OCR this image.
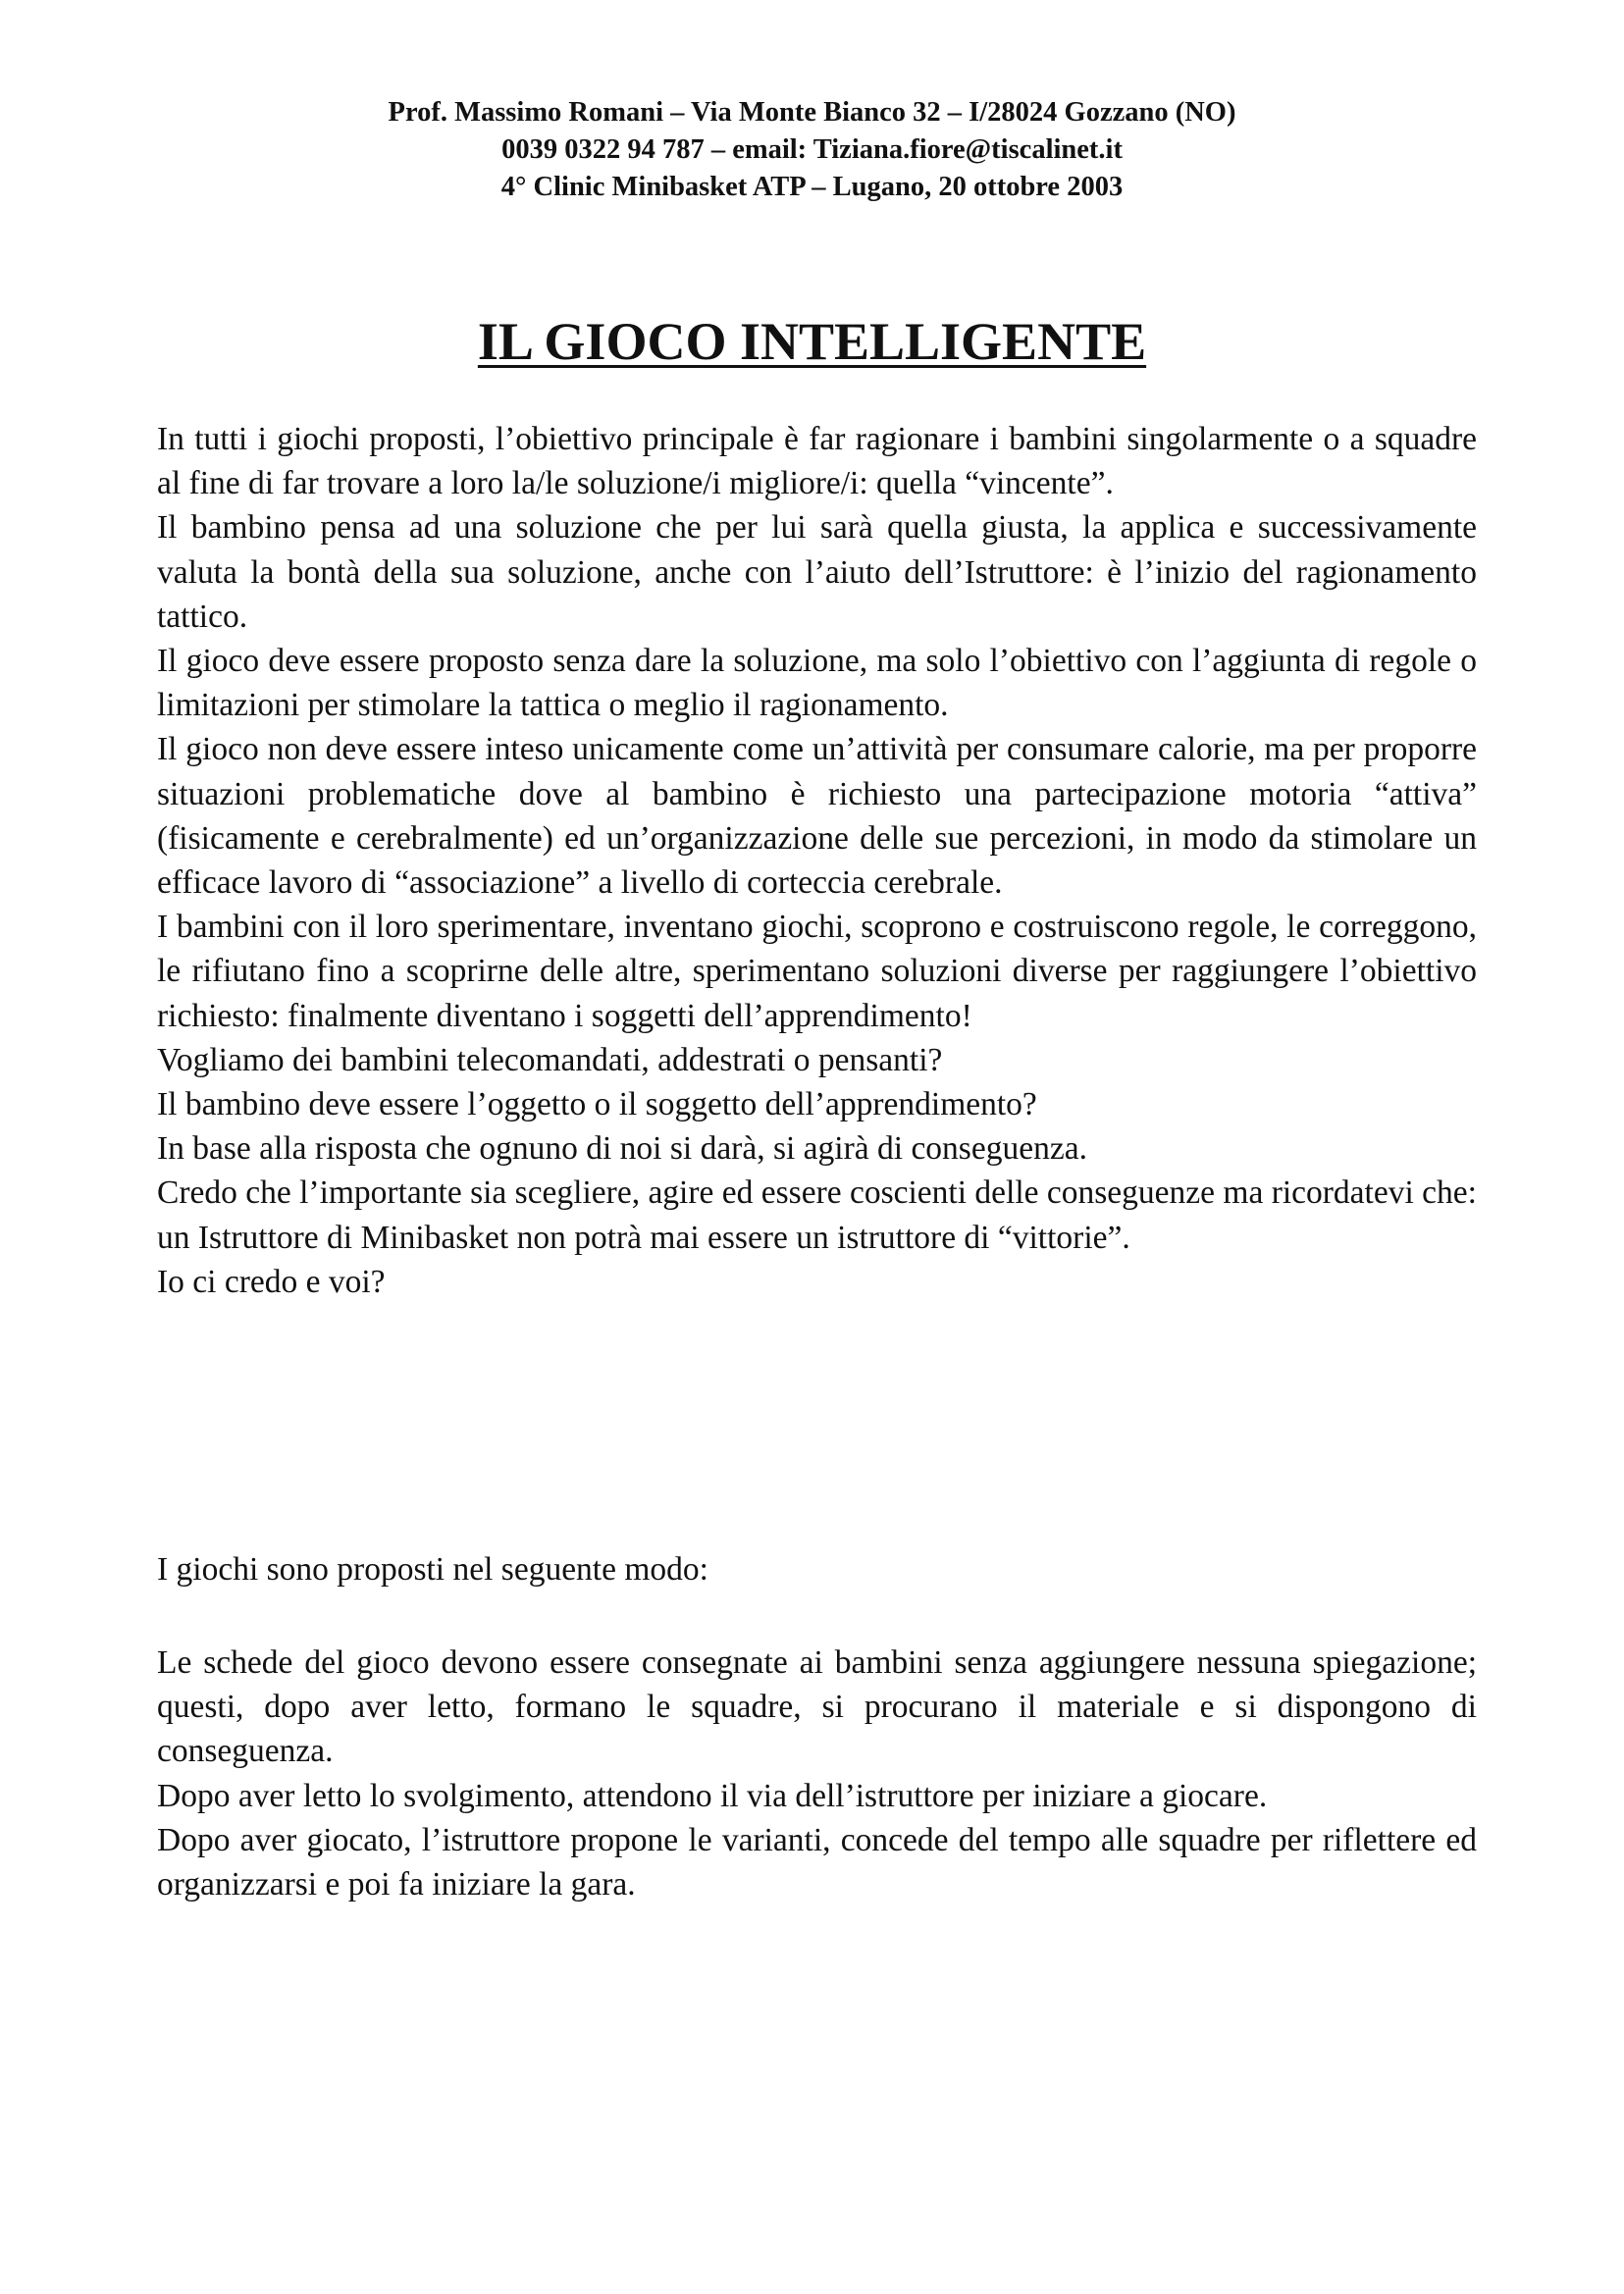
Prof. Massimo Romani – Via Monte Bianco 32 – I/28024 Gozzano (NO)
0039 0322 94 787 – email: Tiziana.fiore@tiscalinet.it
4° Clinic Minibasket ATP – Lugano, 20 ottobre 2003
IL GIOCO INTELLIGENTE

In tutti i giochi proposti, l’obiettivo principale è far ragionare i bambini singolarmente o a squadre al fine di far trovare a loro la/le soluzione/i migliore/i: quella “vincente”.

Il bambino pensa ad una soluzione che per lui sarà quella giusta, la applica e successivamente valuta la bontà della sua soluzione, anche con l’aiuto dell’Istruttore: è l’inizio del ragionamento tattico.

Il gioco deve essere proposto senza dare la soluzione, ma solo l’obiettivo con l’aggiunta di regole o limitazioni per stimolare la tattica o meglio il ragionamento.

Il gioco non deve essere inteso unicamente come un’attività per consumare calorie, ma per proporre situazioni problematiche dove al bambino è richiesto una partecipazione motoria “attiva” (fisicamente e cerebralmente) ed un’organizzazione delle sue percezioni, in modo da stimolare un efficace lavoro di “associazione” a livello di corteccia cerebrale.

I bambini con il loro sperimentare, inventano giochi, scoprono e costruiscono regole, le correggono, le rifiutano fino a scoprirne delle altre, sperimentano soluzioni diverse per raggiungere l’obiettivo richiesto: finalmente diventano i soggetti dell’apprendimento!

Vogliamo dei bambini telecomandati, addestrati o pensanti?

Il bambino deve essere l’oggetto o il soggetto dell’apprendimento?

In base alla risposta che ognuno di noi si darà, si agirà di conseguenza.

Credo che l’importante sia scegliere, agire ed essere coscienti delle conseguenze ma ricordatevi che:

un Istruttore di Minibasket non potrà mai essere un istruttore di “vittorie”.

Io ci credo e voi?

I giochi sono proposti nel seguente modo:

Le schede del gioco devono essere consegnate ai bambini senza aggiungere nessuna spiegazione; questi, dopo aver letto, formano le squadre, si procurano il materiale e si dispongono di conseguenza.

Dopo aver letto lo svolgimento, attendono il via dell’istruttore per iniziare a giocare.

Dopo aver giocato, l’istruttore propone le varianti, concede del tempo alle squadre per riflettere ed organizzarsi e poi fa iniziare la gara.
